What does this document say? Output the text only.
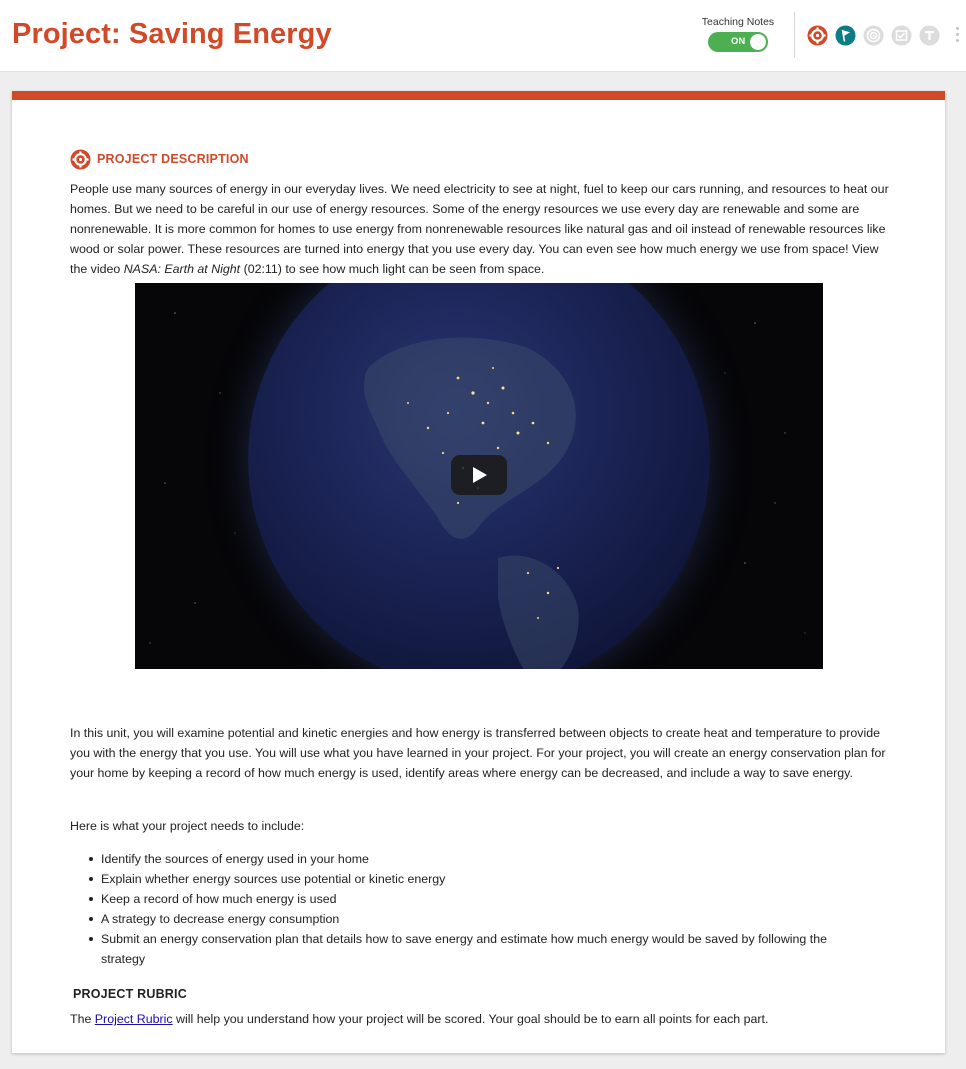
Project: Saving Energy	Teaching Notes
ON
PROJECT DESCRIPTION

People use many sources of energy in our everyday lives. We need electricity to see at night, fuel to keep our cars running, and resources to heat our homes. But we need to be careful in our use of energy resources. Some of the energy resources we use every day are renewable and some are nonrenewable. It is more common for homes to use energy from nonrenewable resources like natural gas and oil instead of renewable resources like wood or solar power. These resources are turned into energy that you use every day. You can even see how much energy we use from space! View the video NASA: Earth at Night (02:11) to see how much light can be seen from space.

In this unit, you will examine potential and kinetic energies and how energy is transferred between objects to create heat and temperature to provide you with the energy that you use. You will use what you have learned in your project. For your project, you will create an energy conservation plan for your home by keeping a record of how much energy is used, identify areas where energy can be decreased, and include a way to save energy.

Here is what your project needs to include:

Identify the sources of energy used in your home
Explain whether energy sources use potential or kinetic energy
Keep a record of how much energy is used
A strategy to decrease energy consumption
Submit an energy conservation plan that details how to save energy and estimate how much energy would be saved by following the strategy
PROJECT RUBRIC

The Project Rubric will help you understand how your project will be scored. Your goal should be to earn all points for each part.
